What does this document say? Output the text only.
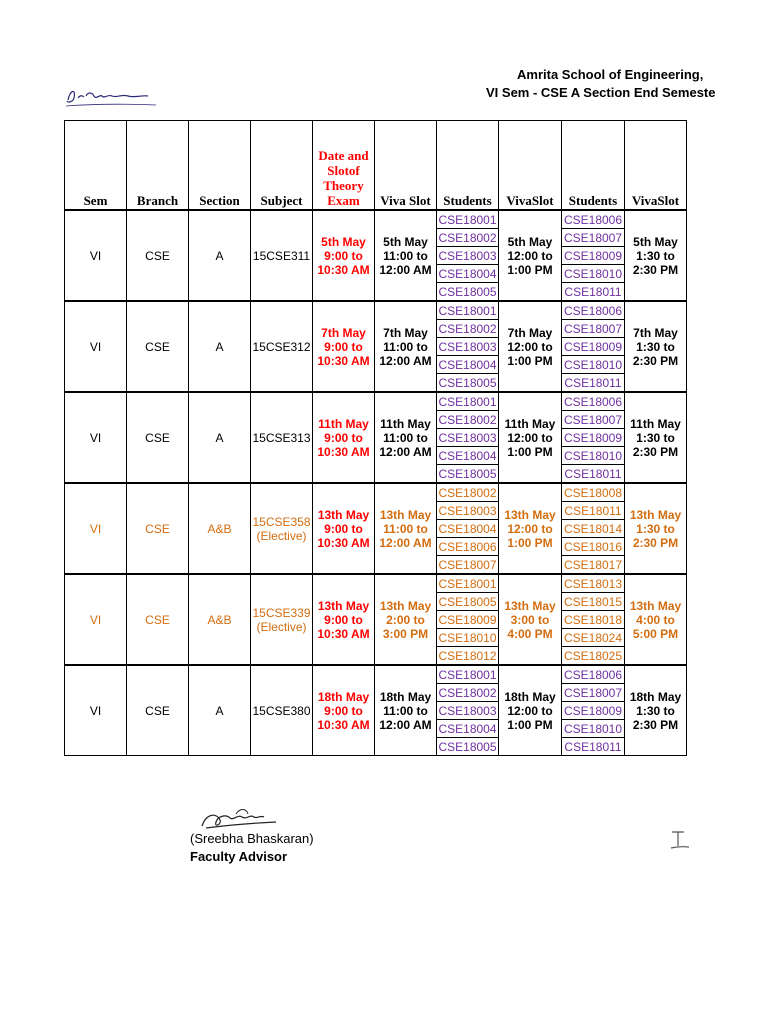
Amrita School of Engineering,
VI Sem - CSE A Section End Semeste
Sem	Branch	Section	Subject	Date and Slotof Theory Exam	Viva Slot	Students	VivaSlot	Students	VivaSlot
VI	CSE	A	15CSE311	5th May
9:00 to
10:30 AM	5th May
11:00 to
12:00 AM	CSE18001	5th May
12:00 to
1:00 PM	CSE18006	5th May
1:30 to
2:30 PM
						CSE18002		CSE18007	
						CSE18003		CSE18009	
						CSE18004		CSE18010	
						CSE18005		CSE18011	
VI	CSE	A	15CSE312	7th May
9:00 to
10:30 AM	7th May
11:00 to
12:00 AM	CSE18001	7th May
12:00 to
1:00 PM	CSE18006	7th May
1:30 to
2:30 PM
						CSE18002		CSE18007	
						CSE18003		CSE18009	
						CSE18004		CSE18010	
						CSE18005		CSE18011	
VI	CSE	A	15CSE313	11th May
9:00 to
10:30 AM	11th May
11:00 to
12:00 AM	CSE18001	11th May
12:00 to
1:00 PM	CSE18006	11th May
1:30 to
2:30 PM
						CSE18002		CSE18007	
						CSE18003		CSE18009	
						CSE18004		CSE18010	
						CSE18005		CSE18011	
VI	CSE	A&B	15CSE358
(Elective)	13th May
9:00 to
10:30 AM	13th May
11:00 to
12:00 AM	CSE18002	13th May
12:00 to
1:00 PM	CSE18008	13th May
1:30 to
2:30 PM
						CSE18003		CSE18011	
						CSE18004		CSE18014	
						CSE18006		CSE18016	
						CSE18007		CSE18017	
VI	CSE	A&B	15CSE339
(Elective)	13th May
9:00 to
10:30 AM	13th May
2:00 to
3:00 PM	CSE18001	13th May
3:00 to
4:00 PM	CSE18013	13th May
4:00 to
5:00 PM
						CSE18005		CSE18015	
						CSE18009		CSE18018	
						CSE18010		CSE18024	
						CSE18012		CSE18025	
VI	CSE	A	15CSE380	18th May
9:00 to
10:30 AM	18th May
11:00 to
12:00 AM	CSE18001	18th May
12:00 to
1:00 PM	CSE18006	18th May
1:30 to
2:30 PM
						CSE18002		CSE18007	
						CSE18003		CSE18009	
						CSE18004		CSE18010	
						CSE18005		CSE18011	
(Sreebha Bhaskaran)
Faculty Advisor
